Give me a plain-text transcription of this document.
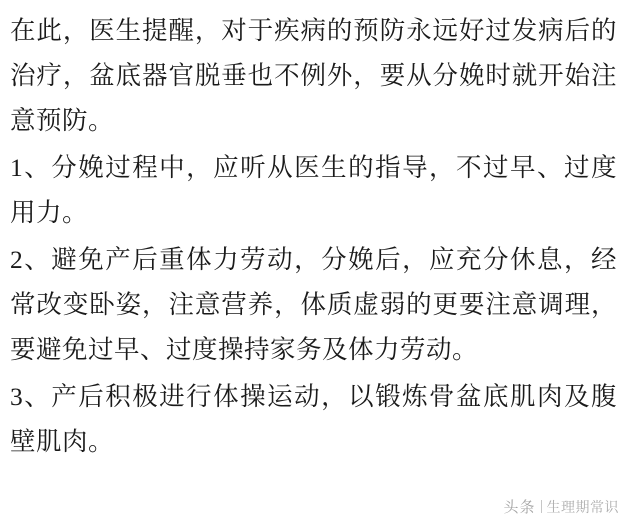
在此，医生提醒，对于疾病的预防永远好过发病后的治疗，盆底器官脱垂也不例外，要从分娩时就开始注意预防。

1、分娩过程中，应听从医生的指导，不过早、过度用力。

2、避免产后重体力劳动，分娩后，应充分休息，经常改变卧姿，注意营养，体质虚弱的更要注意调理，要避免过早、过度操持家务及体力劳动。

3、产后积极进行体操运动，以锻炼骨盆底肌肉及腹壁肌肉。

头条 生理期常识
